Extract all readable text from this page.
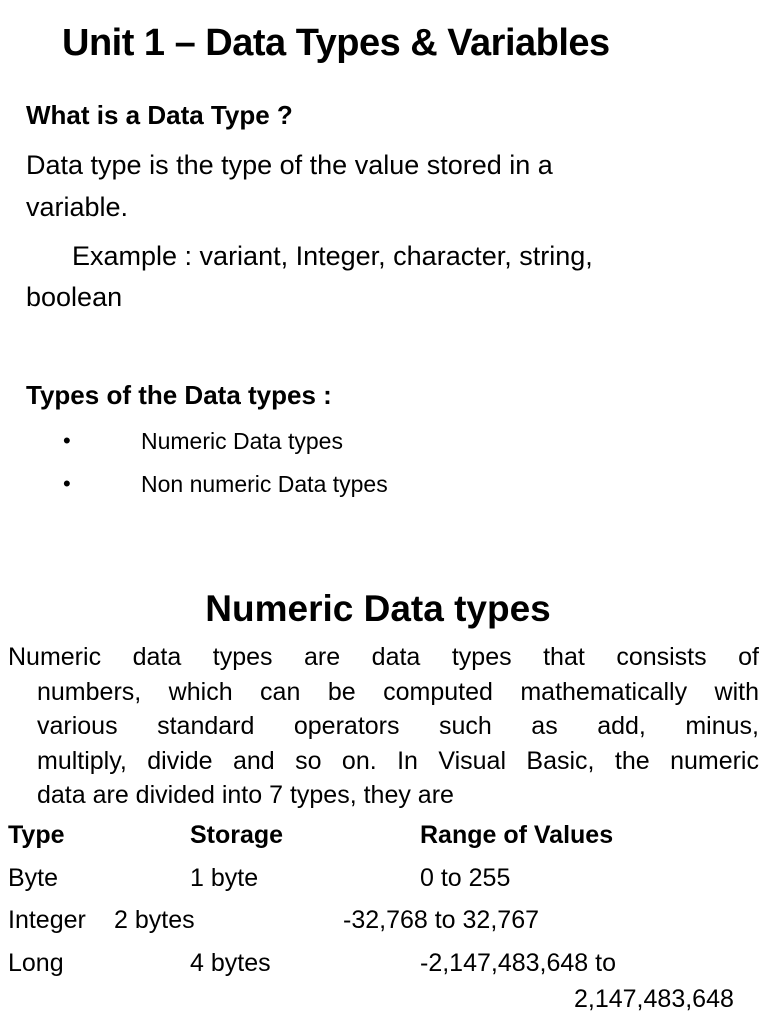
Unit 1 – Data Types & Variables
What is a Data Type ?
Data type is the type of the value stored in a
variable.
Example : variant, Integer, character, string,
boolean
Types of the Data types :
•	Numeric Data types
•	Non numeric Data types
Numeric Data types
Numeric data types are data types that consists of
numbers, which can be computed mathematically with
various standard operators such as add, minus,
multiply, divide and so on. In Visual Basic, the numeric
data are divided into 7 types, they are
Type	Storage	Range of Values
Byte	1 byte	0 to 255
Integer 2 bytes	-32,768 to 32,767
Long	4 bytes	-2,147,483,648 to
2,147,483,648
